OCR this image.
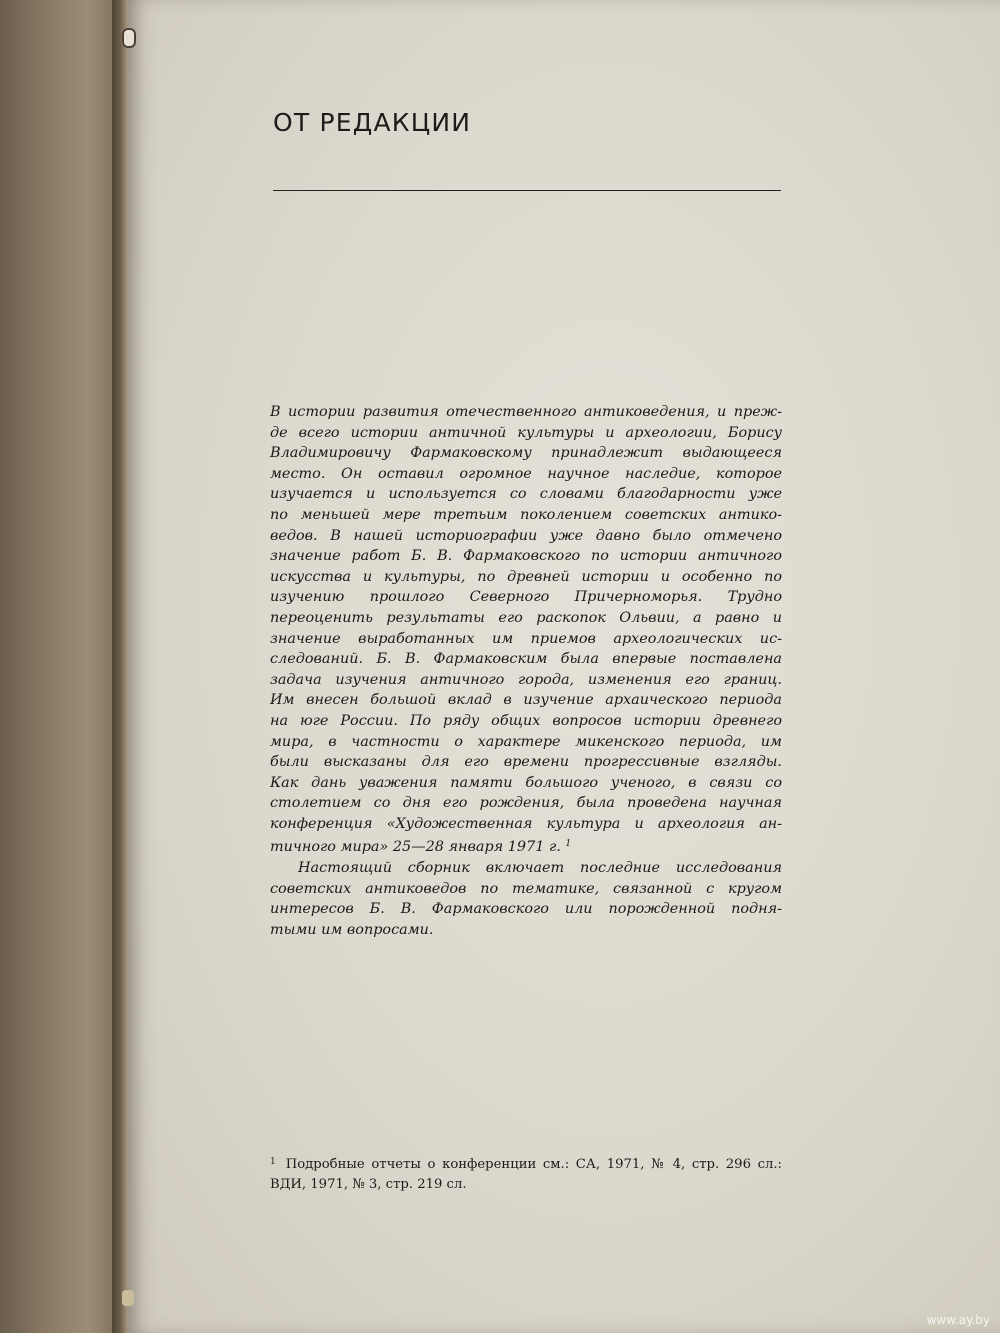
ОТ РЕДАКЦИИ
В истории развития отечественного антиковедения, и преж-
де всего истории античной культуры и археологии, Борису
Владимировичу Фармаковскому принадлежит выдающееся
место. Он оставил огромное научное наследие, которое
изучается и используется со словами благодарности уже
по меньшей мере третьим поколением советских антико-
ведов. В нашей историографии уже давно было отмечено
значение работ Б. В. Фармаковского по истории античного
искусства и культуры, по древней истории и особенно по
изучению прошлого Северного Причерноморья. Трудно
переоценить результаты его раскопок Ольвии, а равно и
значение выработанных им приемов археологических ис-
следований. Б. В. Фармаковским была впервые поставлена
задача изучения античного города, изменения его границ.
Им внесен большой вклад в изучение архаического периода
на юге России. По ряду общих вопросов истории древнего
мира, в частности о характере микенского периода, им
были высказаны для его времени прогрессивные взгляды.
Как дань уважения памяти большого ученого, в связи со
столетием со дня его рождения, была проведена научная
конференция «Художественная культура и археология ан-
тичного мира» 25—28 января 1971 г. $^1$
Настоящий сборник включает последние исследования
советских антиковедов по тематике, связанной с кругом
интересов Б. В. Фармаковского или порожденной подня-
тыми им вопросами.
$^1$ Подробные отчеты о конференции см.: СА, 1971, № 4, стр. 296 сл.:
ВДИ, 1971, № 3, стр. 219 сл.
www.ay.by
